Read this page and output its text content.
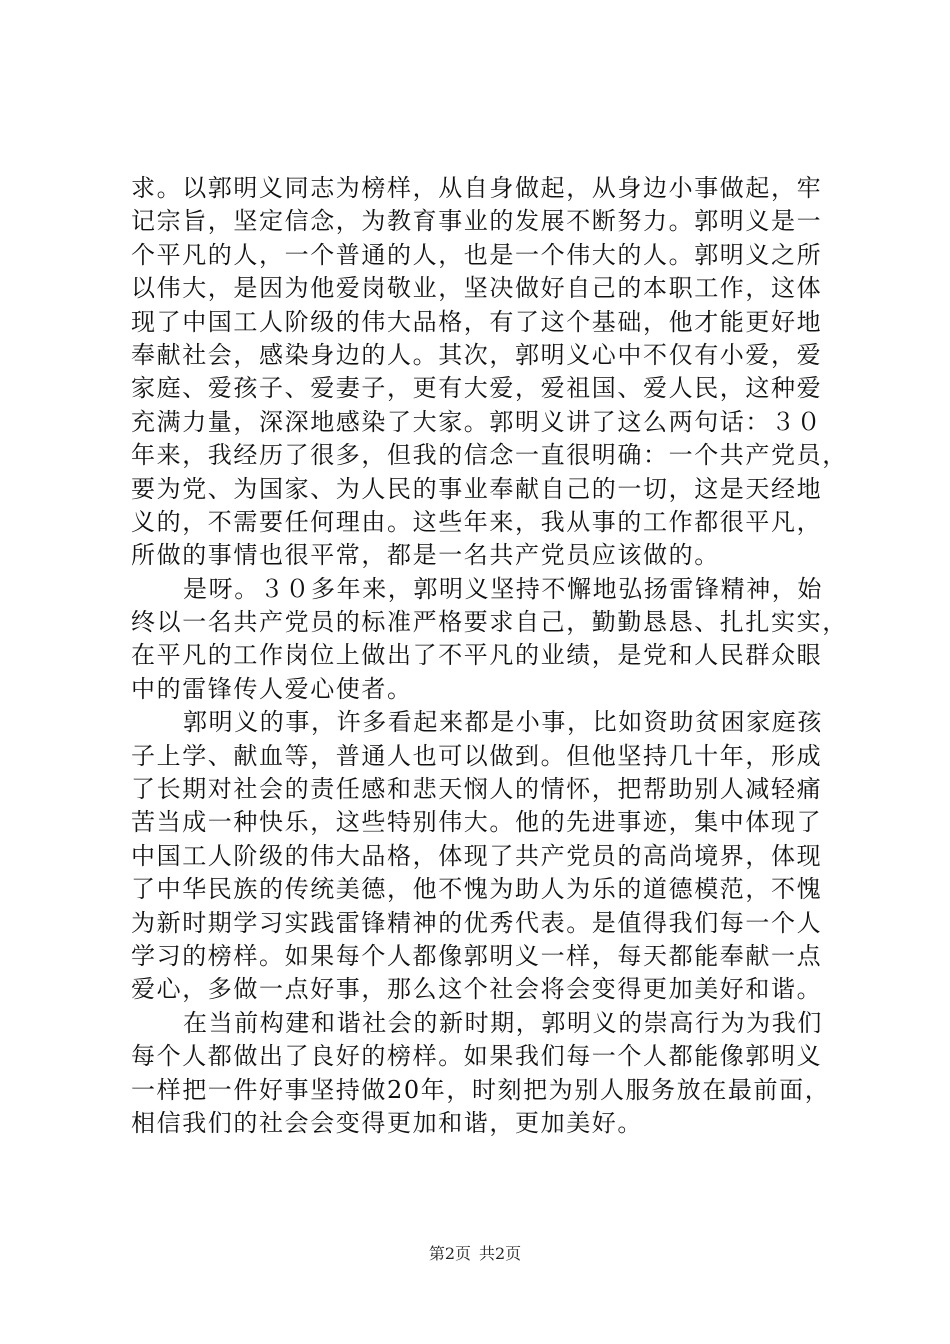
求。以郭明义同志为榜样，从自身做起，从身边小事做起，牢
记宗旨，坚定信念，为教育事业的发展不断努力。郭明义是一
个平凡的人，一个普通的人，也是一个伟大的人。郭明义之所
以伟大，是因为他爱岗敬业，坚决做好自己的本职工作，这体
现了中国工人阶级的伟大品格，有了这个基础，他才能更好地
奉献社会，感染身边的人。其次，郭明义心中不仅有小爱，爱
家庭、爱孩子、爱妻子，更有大爱，爱祖国、爱人民，这种爱
充满力量，深深地感染了大家。郭明义讲了这么两句话：３０
年来，我经历了很多，但我的信念一直很明确：一个共产党员，
要为党、为国家、为人民的事业奉献自己的一切，这是天经地
义的，不需要任何理由。这些年来，我从事的工作都很平凡，
所做的事情也很平常，都是一名共产党员应该做的。
是呀。３０多年来，郭明义坚持不懈地弘扬雷锋精神，始
终以一名共产党员的标准严格要求自己，勤勤恳恳、扎扎实实，
在平凡的工作岗位上做出了不平凡的业绩，是党和人民群众眼
中的雷锋传人爱心使者。
郭明义的事，许多看起来都是小事，比如资助贫困家庭孩
子上学、献血等，普通人也可以做到。但他坚持几十年，形成
了长期对社会的责任感和悲天悯人的情怀，把帮助别人减轻痛
苦当成一种快乐，这些特别伟大。他的先进事迹，集中体现了
中国工人阶级的伟大品格，体现了共产党员的高尚境界，体现
了中华民族的传统美德，他不愧为助人为乐的道德模范，不愧
为新时期学习实践雷锋精神的优秀代表。是值得我们每一个人
学习的榜样。如果每个人都像郭明义一样，每天都能奉献一点
爱心，多做一点好事，那么这个社会将会变得更加美好和谐。
在当前构建和谐社会的新时期，郭明义的崇高行为为我们
每个人都做出了良好的榜样。如果我们每一个人都能像郭明义
一样把一件好事坚持做20年，时刻把为别人服务放在最前面，
相信我们的社会会变得更加和谐，更加美好。
第2页 共2页
